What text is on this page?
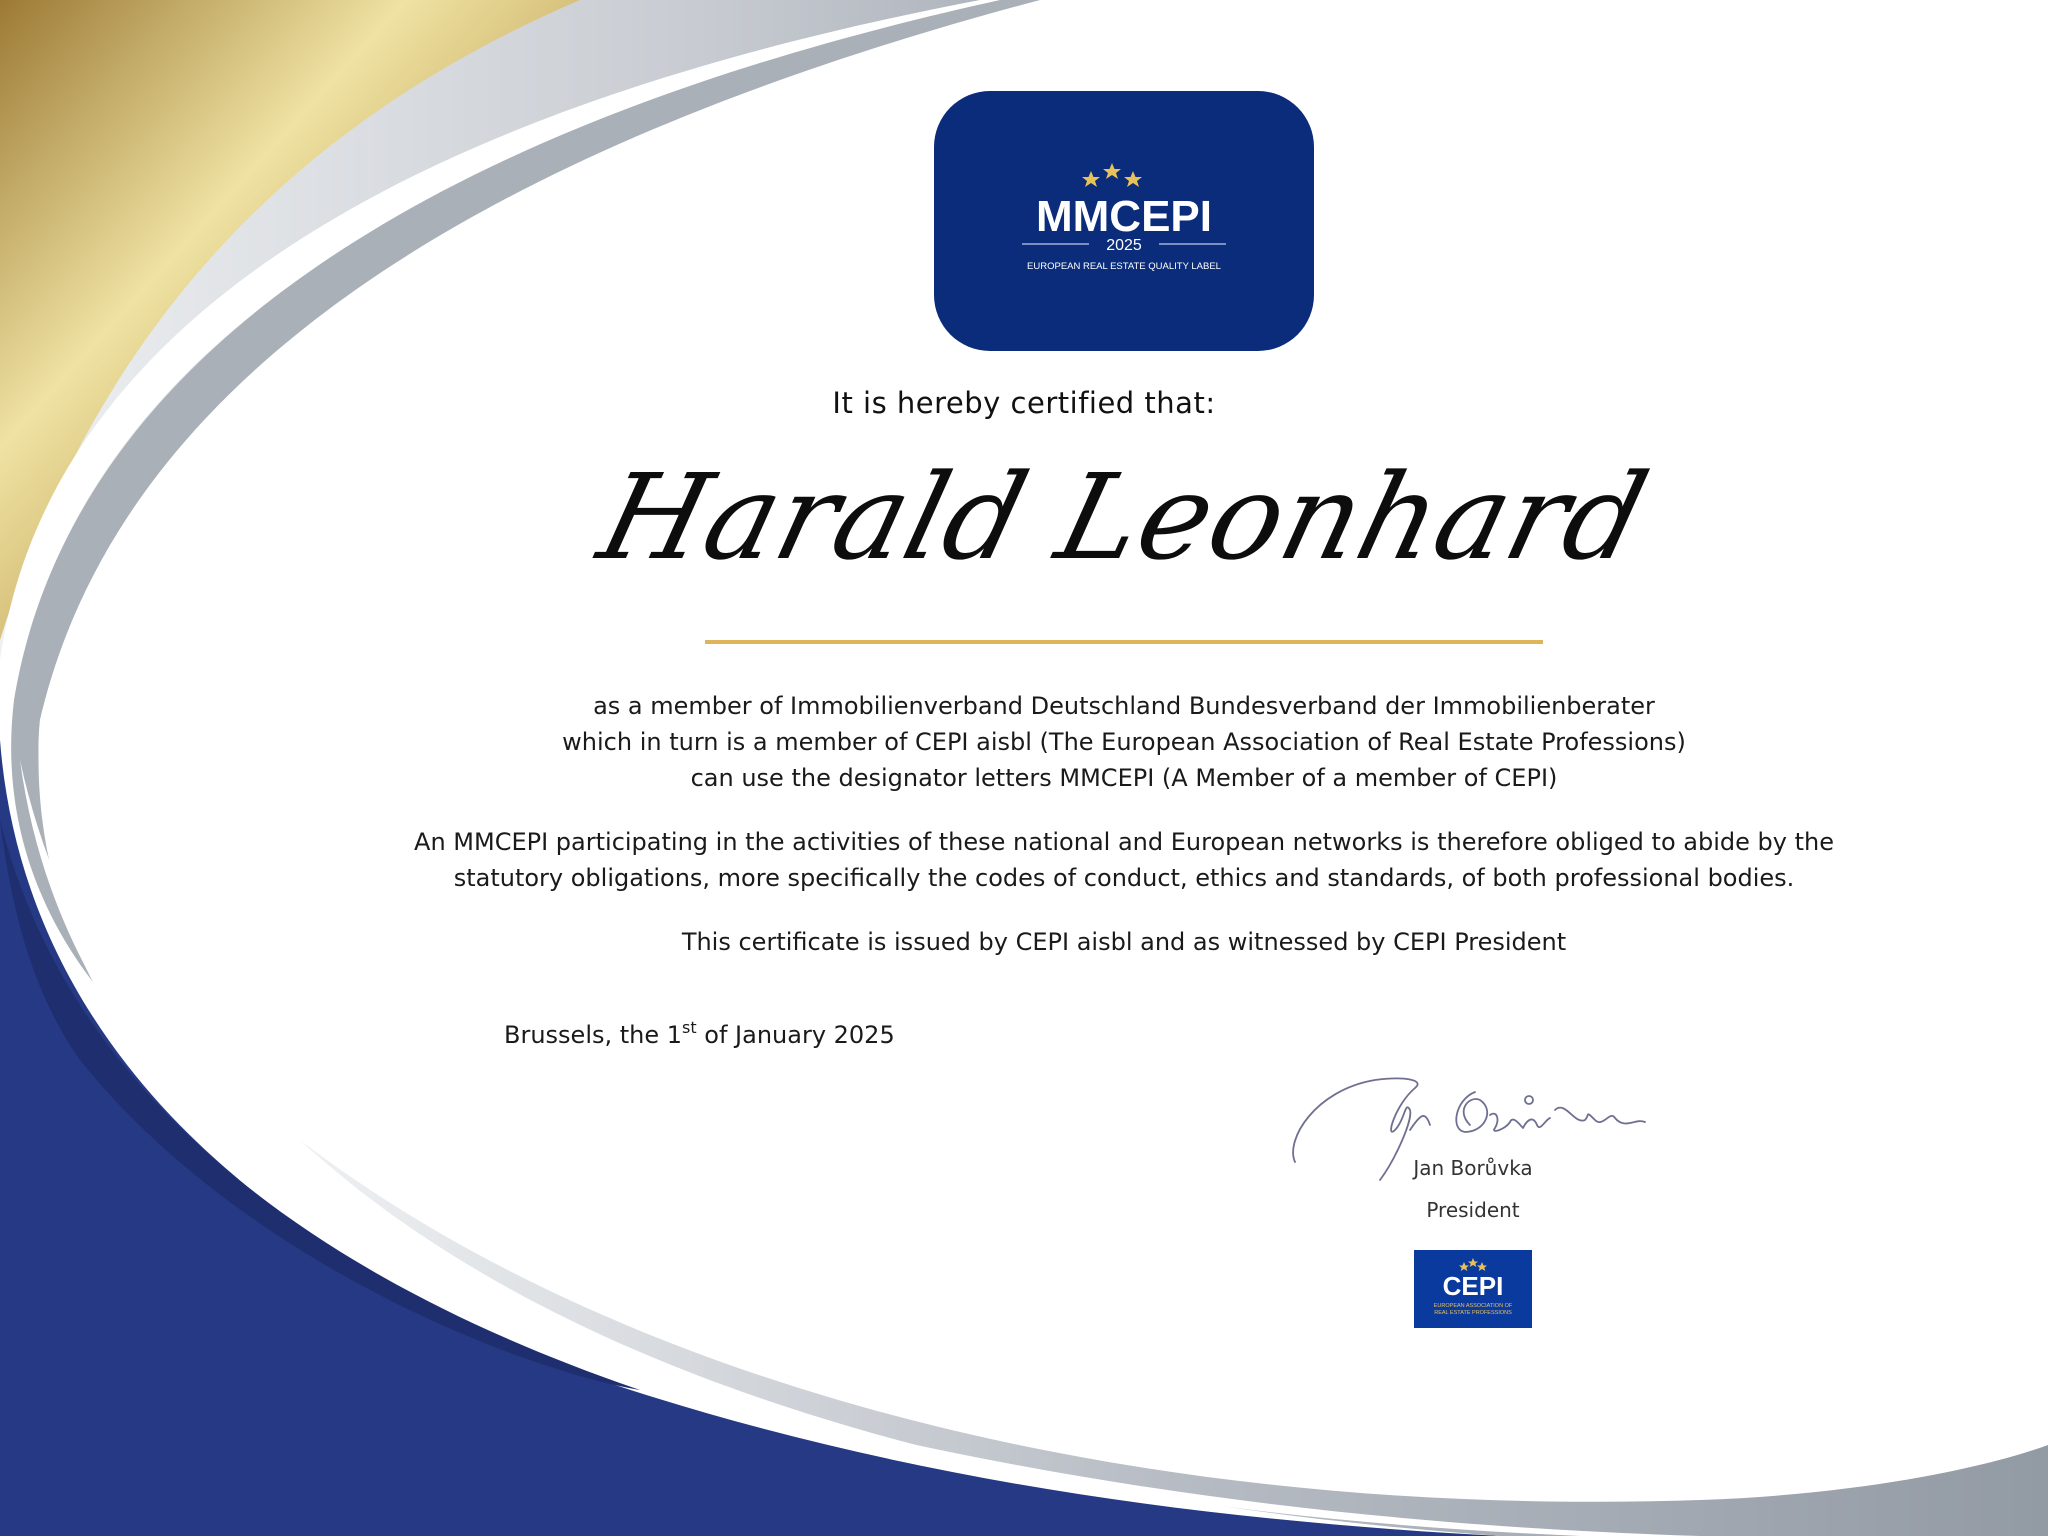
MMCEPI
2025
EUROPEAN REAL ESTATE QUALITY LABEL
It is hereby certified that:
Harald Leonhard
as a member of Immobilienverband Deutschland Bundesverband der Immobilienberater
which in turn is a member of CEPI aisbl (The European Association of Real Estate Professions)
can use the designator letters MMCEPI (A Member of a member of CEPI)
An MMCEPI participating in the activities of these national and European networks is therefore obliged to abide by the
statutory obligations, more specifically the codes of conduct, ethics and standards, of both professional bodies.
This certificate is issued by CEPI aisbl and as witnessed by CEPI President
Brussels, the 1st of January 2025
Jan Borůvka
President
CEPI
EUROPEAN ASSOCIATION OF
REAL ESTATE PROFESSIONS
